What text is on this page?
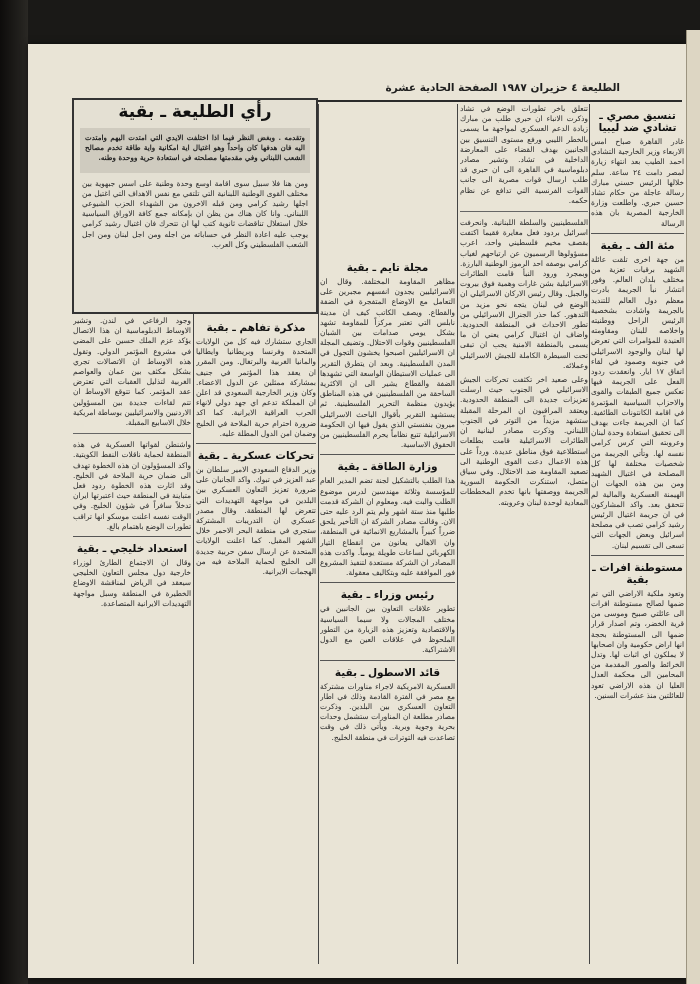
الطليعة ٤ حزيران ١٩٨٧ الصفحة الحادية عشرة
تنسيق مصري ـ تشادي ضد ليبيا

غادر القاهرة صباح امس الاربعاء وزير الخارجية التشادي احمد الطيب بعد انتهاء زيارة لمصر دامت ٢٤ ساعة. سلم خلالها الرئيس حسني مبارك رسالة عاجلة من حكام تشاد حسين حبري. واطلعت وزارة الخارجية المصرية بان هذه الرسالة

مئة الف ـ بقية

من جهة اخرى تلقت عائلة الشهيد برقيات تعزية من مختلف بلدان العالم. وفور انتشار نبأ الجريمة بادرت معظم دول العالم للتنديد بالجريمة واشادت بشخصية الرئيس الراحل ووطنيته واخلاصه للبنان ومقاومته العنيدة للمؤامرات التي تعرض لها لبنان والوجود الاسرائيلي في جنوبه وصمود في لقاء اتفاق ١٧ ايار. وانعقدت ردود الفعل على الجريمة فيها تعكس جميع الطبقات والقوى والاحزاب السياسية المؤتمرة في اقامة الكانتونات الطائفية. كما ان الجريمة جاءت بهدف الى تحقيق استعادة وحدة لبنان وعروبته التي كرس كرامي نفسه لها. وتأتي الجريمة من شخصيات مختلفة لها كل المصلحة في اغتيال الشهيد ومن بين هذه الجهات ان الهيمنة العسكرية والمالية لم تتحقق بعد. واكد المشاركون في ان جريمة اغتيال الرئيس رشيد كرامي تصب في مصلحة اسرائيل وبعض الجهات التي تسعى الى تقسيم لبنان.

مستوطنة افرات ـ بقية

وتعود ملكية الاراضي التي تم ضمها لصالح مستوطنة افرات الى عائلتي صبيح وموسى من قرية الخضر، وتم اصدار قرار ضمها الى المستوطنة بحجة انها اراض حكومية وان اصحابها لا يملكون اي اثبات لها. وتدل الخرائط والصور المقدمة من المحامين الى محكمة العدل العليا ان هذه الاراضي تعود للعائلتين منذ عشرات السنين.

تتعلق باخر تطورات الوضع في تشاد وذكرت الانباء ان حبري طلب من مبارك زيادة الدعم العسكري لمواجهة ما يسمى بالخطر الليبي ورفع مستوى التنسيق بين الجانبين بهدف القضاء على المعارضة الداخلية في تشاد. وتشير مصادر دبلوماسية في القاهرة الى ان حبري قد طلب ارسال قوات مصرية الى جانب القوات الفرنسية التي تدافع عن نظام حكمه.

الفلسطينيين والسلطة اللبنانية. وانحرفت اسرائيل بردود فعل مغايرة فقيما اكتفت بقصف مخيم فلسطيني واحد، اعرب مسؤولوها الرسميون عن ارتياحهم لغياب كرامي بوصفه احد الرموز الوطنية البارزة. وبمجرد ورود النبأ قامت الطائرات الاسرائيلية بشن غارات وهمية فوق بيروت والجبل. وقال رئيس الاركان الاسرائيلي ان الوضع في لبنان يتجه نحو مزيد من التدهور. كما حذر الجنرال الاسرائيلي من تطور الاحداث في المنطقة الحدودية. واضاف ان اغتيال كرامي يعني ان ما يسمى بالمنطقة الامنية يجب ان تبقى تحت السيطرة الكاملة للجيش الاسرائيلي وعملائه.

وعلى صعيد اخر تكثفت تحركات الجيش الاسرائيلي في الجنوب حيث ارسلت تعزيزات جديدة الى المنطقة الحدودية. ويعتقد المراقبون ان المرحلة المقبلة ستشهد مزيداً من التوتر في الجنوب اللبناني. وذكرت مصادر لبنانية ان الطائرات الاسرائيلية قامت بطلعات استطلاعية فوق مناطق عديدة. ورداً على هذه الاعمال دعت القوى الوطنية الى تصعيد المقاومة ضد الاحتلال. وفي سياق متصل، استنكرت الحكومة السورية الجريمة ووصفتها بانها تخدم المخططات المعادية لوحدة لبنان وعروبته.

مجلة تايم ـ بقية

مظاهر المقاومة المختلفة. وقال ان الاسرائيليين يجدون انفسهم مجبرين على التعامل مع الاوضاع المتفجرة في الضفة والقطاع. ويصف الكاتب كيف ان مدينة نابلس التي تعتبر مركزاً للمقاومة تشهد بشكل يومي صدامات بين الشبان الفلسطينيين وقوات الاحتلال. وتضيف المجلة ان الاسرائيليين اصبحوا يخشون التجول في المدن الفلسطينية. وبعد ان يتطرق التقرير الى عمليات الاستيطان الواسعة التي تشهدها الضفة والقطاع يشير الى ان الاكثرية الساحقة من الفلسطينيين في هذه المناطق يؤيدون منظمة التحرير الفلسطينية. ثم يستشهد التقرير بأقوال الباحث الاسرائيلي ميرون بنفنستي الذي يقول فيها ان الحكومة الاسرائيلية تتبع نظاماً يحرم الفلسطينيين من الحقوق الاساسية.

وزارة الطاقة ـ بقية

هذا الطلب بالتشكيل لجنة تضم المدير العام للمؤسسة وثلاثة مهندسين لدرس موضوع الطلب والبت فيه. ومعلوم ان الشركة قدمت طلبها منذ ستة اشهر ولم يتم الرد عليه حتى الان. وقالت مصادر الشركة ان التأخير يلحق ضرراً كبيراً بالمشاريع الانمائية في المنطقة، وان الاهالي يعانون من انقطاع التيار الكهربائي لساعات طويلة يومياً. واكدت هذه المصادر ان الشركة مستعدة لتنفيذ المشروع فور الموافقة عليه وبتكاليف معقولة.

رئيس وزراء ـ بقية

تطوير علاقات التعاون بين الجانبين في مختلف المجالات ولا سيما السياسية والاقتصادية وتعزيز هذه الزيارة من التطور الملحوظ في علاقات العين مع الدول الاشتراكية.

قائد الاسطول ـ بقية

العسكرية الامريكية لاجراء مناورات مشتركة مع مصر في الفترة القادمة وذلك في اطار التعاون العسكري بين البلدين. وذكرت مصادر مطلعة ان المناورات ستشمل وحدات بحرية وجوية وبرية. ويأتي ذلك في وقت تصاعدت فيه التوترات في منطقة الخليج.

مذكرة تفاهم ـ بقية

الجاري ستشارك فيه كل من الولايات المتحدة وفرنسا وبريطانيا وايطاليا والمانيا الغربية والبرتغال. ومن المقرر ان يعقد هذا المؤتمر في جنيف بمشاركة ممثلين عن الدول الاعضاء. وكان وزير الخارجية السعودي قد اعلن ان المملكة تدعم اي جهد دولي لانهاء الحرب العراقية الايرانية. كما اكد ضرورة احترام حرية الملاحة في الخليج وضمان امن الدول المطلة عليه.

تحركات عسكرية ـ بقية

وزير الدفاع السعودي الامير سلطان بن عبد العزيز في تبوك. واكد الجانبان على ضرورة تعزيز التعاون العسكري بين البلدين في مواجهة التهديدات التي تتعرض لها المنطقة. وقال مصدر عسكري ان التدريبات المشتركة ستجري في منطقة البحر الاحمر خلال الشهر المقبل. كما اعلنت الولايات المتحدة عن ارسال سفن حربية جديدة الى الخليج لحماية الملاحة فيه من الهجمات الايرانية.

وجود الرفاعي في لندن. وتشير الاوساط الدبلوماسية ان هذا الاتصال يؤكد عزم الملك حسين على المضي في مشروع المؤتمر الدولي. وتقول هذه الاوساط ان الاتصالات تجري بشكل مكثف بين عمان والعواصم الغربية لتذليل العقبات التي تعترض عقد المؤتمر. كما تتوقع الاوساط ان تتم لقاءات جديدة بين المسؤولين الاردنيين والاسرائيليين بوساطة امريكية خلال الاسابيع المقبلة.

واشنطن لقواتها العسكرية في هذه المنطقة لحماية ناقلات النفط الكويتية. واكد المسؤولون ان هذه الخطوة تهدف الى ضمان حرية الملاحة في الخليج. وقد اثارت هذه الخطوة ردود فعل متباينة في المنطقة حيث اعتبرتها ايران تدخلاً سافراً في شؤون الخليج. وفي الوقت نفسه اعلنت موسكو انها تراقب تطورات الوضع باهتمام بالغ.

استعداد خليجي ـ بقية

وقال ان الاجتماع الطارئ لوزراء خارجية دول مجلس التعاون الخليجي سيعقد في الرياض لمناقشة الاوضاع الخطيرة في المنطقة وسبل مواجهة التهديدات الايرانية المتصاعدة.

رأي الطليعة ـ بقية

وتقدمه . وبغض النظر فيما اذا اختلفت الايدي التي امتدت اليهم وامتدت اليه فان هدفها كان واحداً وهو اغتيال اية امكانية واية طاقة تخدم مصالح الشعب اللبناني وفي مقدمتها مصلحته في استعادة حرية ووحدة وطنه.

ومن هنا فلا سبيل سوى اقامة اوسع وحدة وطنية على اسس جبهوية بين مختلف القوى الوطنية اللبنانية التي تلتقي مع نفس الاهداف التي اغتيل من اجلها رشيد كرامي ومن قبله الاخرون من الشهداء الحزب الشيوعي اللبناني. وانا كان هناك من يظن ان بإمكانه جمع كافة الاوراق السياسية خلال استغلال تناقضات ثانوية كتب لها ان تتحرك فان اغتيال رشيد كرامي يوجب عليه اعادة النظر في حساباته من اجله ومن اجل لبنان ومن اجل الشعب الفلسطيني وكل العرب.
